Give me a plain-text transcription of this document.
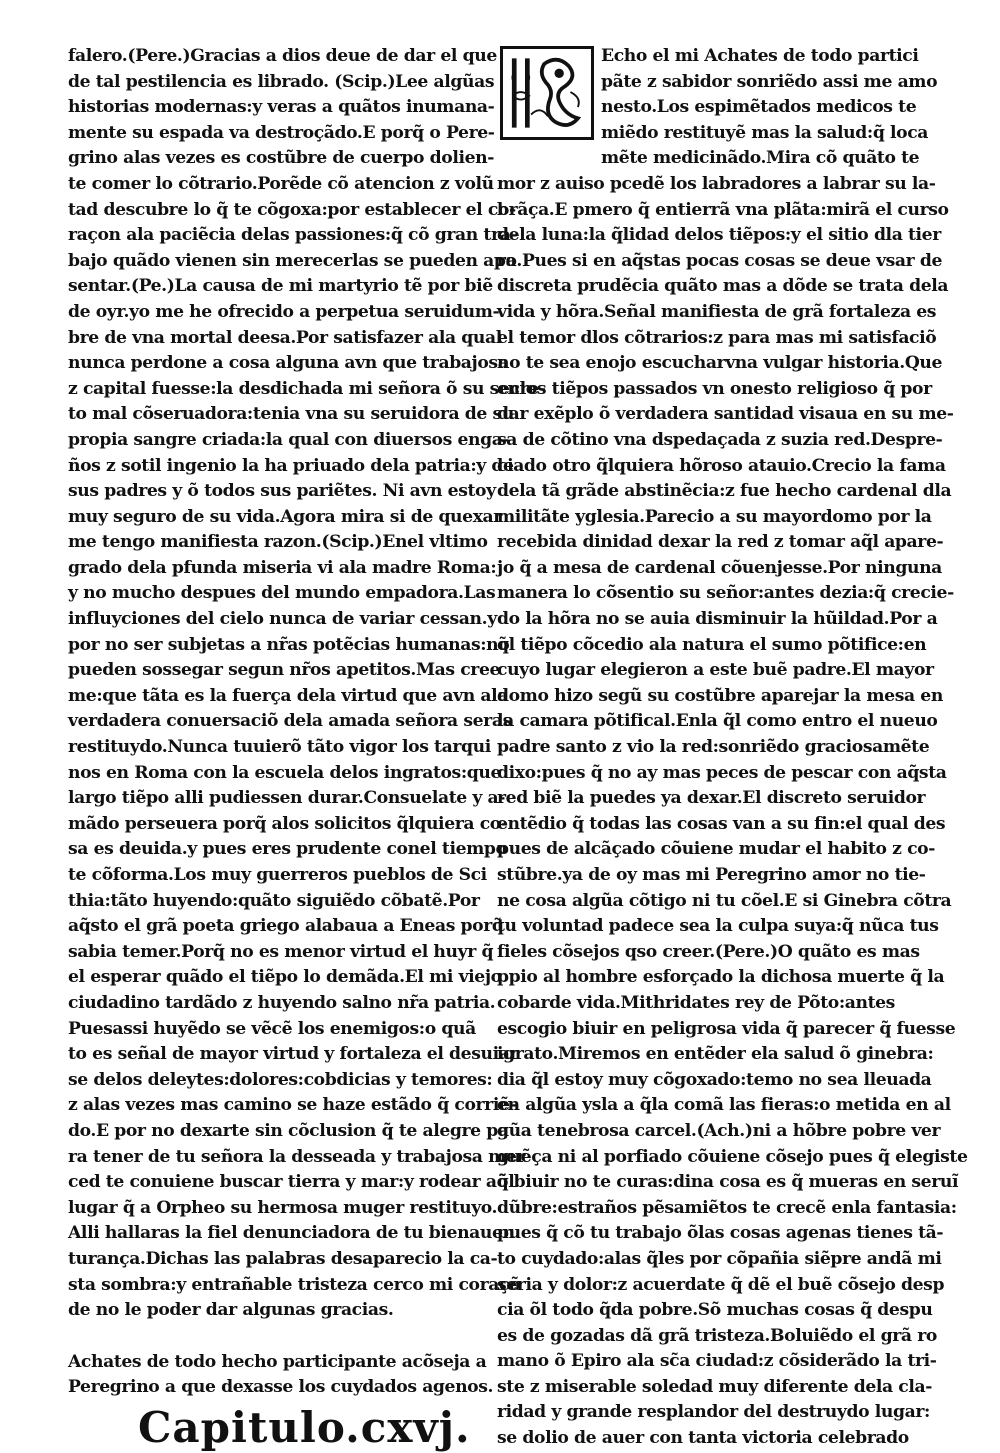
falero.(Pere.)Gracias a dios deue de dar el que
de tal pestilencia es librado. (Scip.)Lee algũas
historias modernas:y veras a quãtos inumana-
mente su espada va destroçãdo.E porq̃ o Pere-
grino alas vezes es costũbre de cuerpo dolien-
te comer lo cõtrario.Porẽde cõ atencion z volũ
tad descubre lo q̃ te cõgoxa:por establecer el co-
raçon ala paciẽcia delas passiones:q̃ cõ gran tra-
bajo quãdo vienen sin merecerlas se pueden apo
sentar.(Pe.)La causa de mi martyrio tẽ por biẽ
de oyr.yo me he ofrecido a perpetua seruidum-
bre de vna mortal deesa.Por satisfazer ala qual
nunca perdone a cosa alguna avn que trabajosa
z capital fuesse:la desdichada mi señora õ su secre-
to mal cõseruadora:tenia vna su seruidora de su
propia sangre criada:la qual con diuersos enga-
ños z sotil ingenio la ha priuado dela patria:y de
sus padres y õ todos sus pariẽtes. Ni avn estoy
muy seguro de su vida.Agora mira si de quexar
me tengo manifiesta razon.(Scip.)Enel vltimo
grado dela pfunda miseria vi ala madre Roma:
y no mucho despues del mundo empadora.Las
influyciones del cielo nunca de variar cessan.y
por no ser subjetas a nr̃as potẽcias humanas:no
pueden sossegar segun nr̃os apetitos.Mas cree
me:que tãta es la fuerça dela virtud que avn ala
verdadera conuersaciõ dela amada señora seras
restituydo.Nunca tuuierõ tãto vigor los tarqui
nos en Roma con la escuela delos ingratos:que
largo tiẽpo alli pudiessen durar.Consuelate y a-
mãdo perseuera porq̃ alos solicitos q̃lquiera co-
sa es deuida.y pues eres prudente conel tiempo
te cõforma.Los muy guerreros pueblos de Sci
thia:tãto huyendo:quãto siguiẽdo cõbatẽ.Por
aq̃sto el grã poeta griego alabaua a Eneas porq̃
sabia temer.Porq̃ no es menor virtud el huyr q̃
el esperar quãdo el tiẽpo lo demãda.El mi viejo
ciudadino tardãdo z huyendo salno nr̃a patria.
Puesassi huyẽdo se vẽcẽ los enemigos:o quã
to es señal de mayor virtud y fortaleza el desuiar
se delos deleytes:dolores:cobdicias y temores:
z alas vezes mas camino se haze estãdo q̃ corriẽ-
do.E por no dexarte sin cõclusion q̃ te alegre pa
ra tener de tu señora la desseada y trabajosa mer
ced te conuiene buscar tierra y mar:y rodear aq̃l
lugar q̃ a Orpheo su hermosa muger restituyo.
Alli hallaras la fiel denunciadora de tu bienauen
turança.Dichas las palabras desaparecio la ca-
sta sombra:y entrañable tristeza cerco mi coraçõ
de no le poder dar algunas gracias.
Achates de todo hecho participante acõseja a
Peregrino a que dexasse los cuydados agenos.
Capitulo.cxvj.
Echo el mi Achates de todo partici
pãte z sabidor sonriẽdo assi me amo
nesto.Los espimẽtados medicos te
miẽdo restituyẽ mas la salud:q̃ loca
mẽte medicinãdo.Mira cõ quãto te
mor z auiso pcedẽ los labradores a labrar su la-
brãça.E pmero q̃ entierrã vna plãta:mirã el curso
dela luna:la q̃lidad delos tiẽpos:y el sitio dla tier
ra.Pues si en aq̃stas pocas cosas se deue vsar de
discreta prudẽcia quãto mas a dõde se trata dela
vida y hõra.Señal manifiesta de grã fortaleza es
el temor dlos cõtrarios:z para mas mi satisfaciõ
no te sea enojo escucharvna vulgar historia.Que
enlos tiẽpos passados vn onesto religioso q̃ por
dar exẽplo õ verdadera santidad visaua en su me-
sa de cõtino vna dspedaçada z suzia red.Despre-
ciado otro q̃lquiera hõroso atauio.Crecio la fama
dela tã grãde abstinẽcia:z fue hecho cardenal dla
militãte yglesia.Parecio a su mayordomo por la
recebida dinidad dexar la red z tomar aq̃l apare-
jo q̃ a mesa de cardenal cõuenjesse.Por ninguna
manera lo cõsentio su señor:antes dezia:q̃ crecie-
do la hõra no se auia disminuir la hũildad.Por a
q̃l tiẽpo cõcedio ala natura el sumo põtifice:en
cuyo lugar elegieron a este buẽ padre.El mayor
domo hizo segũ su costũbre aparejar la mesa en
la camara põtifical.Enla q̃l como entro el nueuo
padre santo z vio la red:sonriẽdo graciosamẽte
dixo:pues q̃ no ay mas peces de pescar con aq̃sta
red biẽ la puedes ya dexar.El discreto seruidor
entẽdio q̃ todas las cosas van a su fin:el qual des
pues de alcãçado cõuiene mudar el habito z co-
stũbre.ya de oy mas mi Peregrino amor no tie-
ne cosa algũa cõtigo ni tu cõel.E si Ginebra cõtra
tu voluntad padece sea la culpa suya:q̃ nũca tus
fieles cõsejos qso creer.(Pere.)O quãto es mas
ppio al hombre esforçado la dichosa muerte q̃ la
cobarde vida.Mithridates rey de Põto:antes
escogio biuir en peligrosa vida q̃ parecer q̃ fuesse
igrato.Miremos en entẽder ela salud õ ginebra:
dia q̃l estoy muy cõgoxado:temo no sea lleuada
en algũa ysla a q̃la comã las fieras:o metida en al
gũa tenebrosa carcel.(Ach.)ni a hõbre pobre ver
guẽça ni al porfiado cõuiene cõsejo pues q̃ elegiste
õ biuir no te curas:dina cosa es q̃ mueras en seruĩ
dũbre:estraños pẽsamiẽtos te crecẽ enla fantasia:
pues q̃ cõ tu trabajo õlas cosas agenas tienes tã-
to cuydado:alas q̃les por cõpañia siẽpre andã mi
seria y dolor:z acuerdate q̃ dẽ el buẽ cõsejo desp
cia õl todo q̃da pobre.Sõ muchas cosas q̃ despu
es de gozadas dã grã tristeza.Boluiẽdo el grã ro
mano õ Epiro ala sc̃a ciudad:z cõsiderãdo la tri-
ste z miserable soledad muy diferente dela cla-
ridad y grande resplandor del destruydo lugar:
se dolio de auer con tanta victoria celebrado
